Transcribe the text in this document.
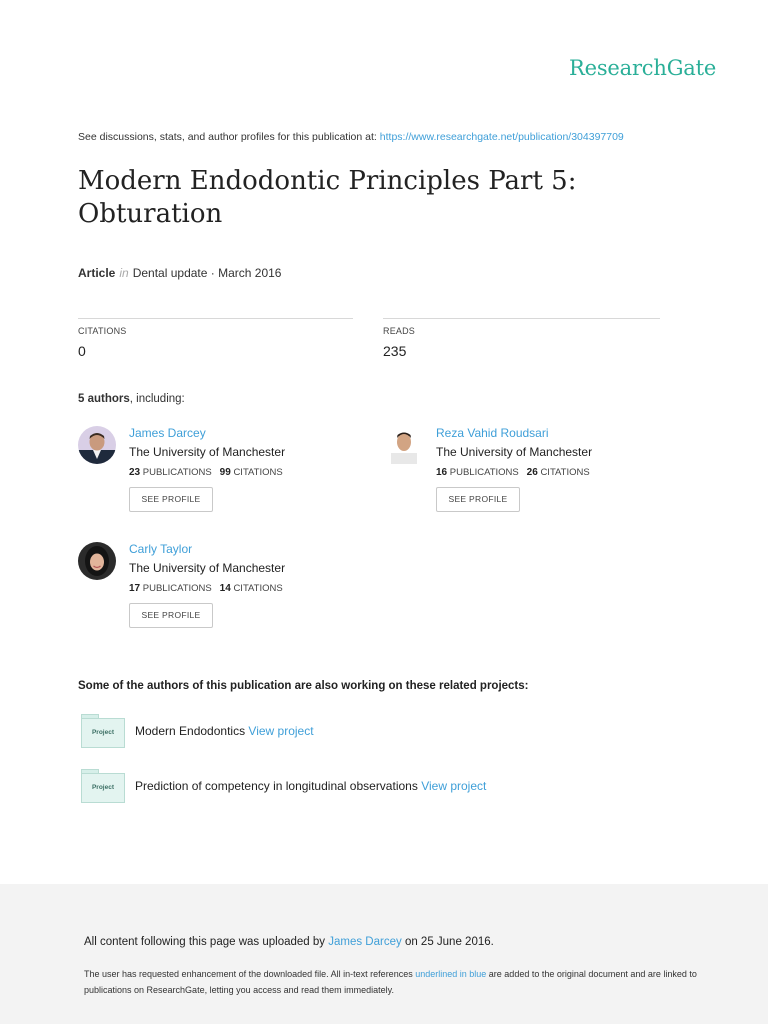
ResearchGate
See discussions, stats, and author profiles for this publication at: https://www.researchgate.net/publication/304397709
Modern Endodontic Principles Part 5: Obturation
Article in Dental update · March 2016
CITATIONS
0
READS
235
5 authors, including:
James Darcey
The University of Manchester
23 PUBLICATIONS 99 CITATIONS
SEE PROFILE
Reza Vahid Roudsari
The University of Manchester
16 PUBLICATIONS 26 CITATIONS
SEE PROFILE
Carly Taylor
The University of Manchester
17 PUBLICATIONS 14 CITATIONS
SEE PROFILE
Some of the authors of this publication are also working on these related projects:
Project	Modern Endodontics View project
Project	Prediction of competency in longitudinal observations View project
All content following this page was uploaded by James Darcey on 25 June 2016.
The user has requested enhancement of the downloaded file. All in-text references underlined in blue are added to the original document and are linked to publications on ResearchGate, letting you access and read them immediately.
